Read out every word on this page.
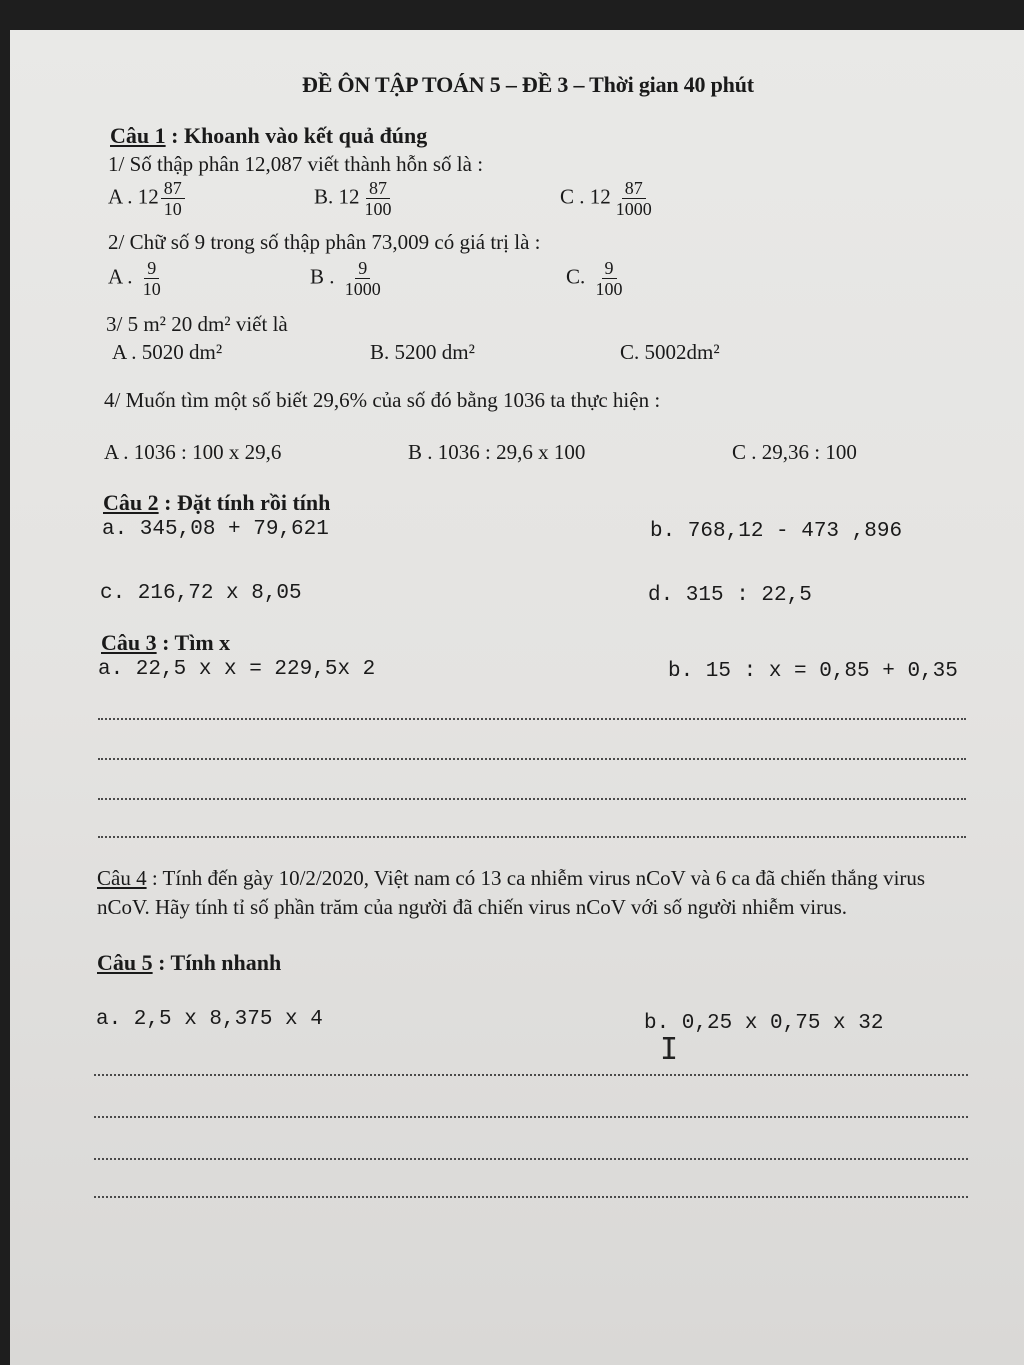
ĐỀ ÔN TẬP TOÁN 5 – ĐỀ 3 – Thời gian 40 phút
Câu 1 : Khoanh vào kết quả đúng
1/ Số thập phân 12,087 viết thành hỗn số là :
A . $12 \frac{87}{10}$	B. $12 \frac{87}{100}$	C . $12 \frac{87}{1000}$
2/ Chữ số 9 trong số thập phân 73,009 có giá trị là :
A . $\frac{9}{10}$	B . $\frac{9}{1000}$	C. $\frac{9}{100}$
3/ 5 m² 20 dm² viết là
A . 5020 dm²	B. 5200 dm²	C. 5002dm²
4/ Muốn tìm một số biết 29,6% của số đó bằng 1036 ta thực hiện :
A . 1036 : 100 x 29,6	B . 1036 : 29,6 x 100	C . 29,36 : 100
Câu 2 : Đặt tính rồi tính
a. 345,08 + 79,621	b. 768,12 - 473 ,896
c. 216,72 x 8,05	d. 315 : 22,5
Câu 3 : Tìm x
a. 22,5 x x = 229,5x 2	b. 15 : x = 0,85 + 0,35
Câu 4 : Tính đến gày 10/2/2020, Việt nam có 13 ca nhiễm virus nCoV và 6 ca đã chiến thắng virus nCoV. Hãy tính tỉ số phần trăm của người đã chiến virus nCoV với số người nhiễm virus.
Câu 5 : Tính nhanh
a. 2,5 x 8,375 x 4	b. 0,25 x 0,75 x 32
I
